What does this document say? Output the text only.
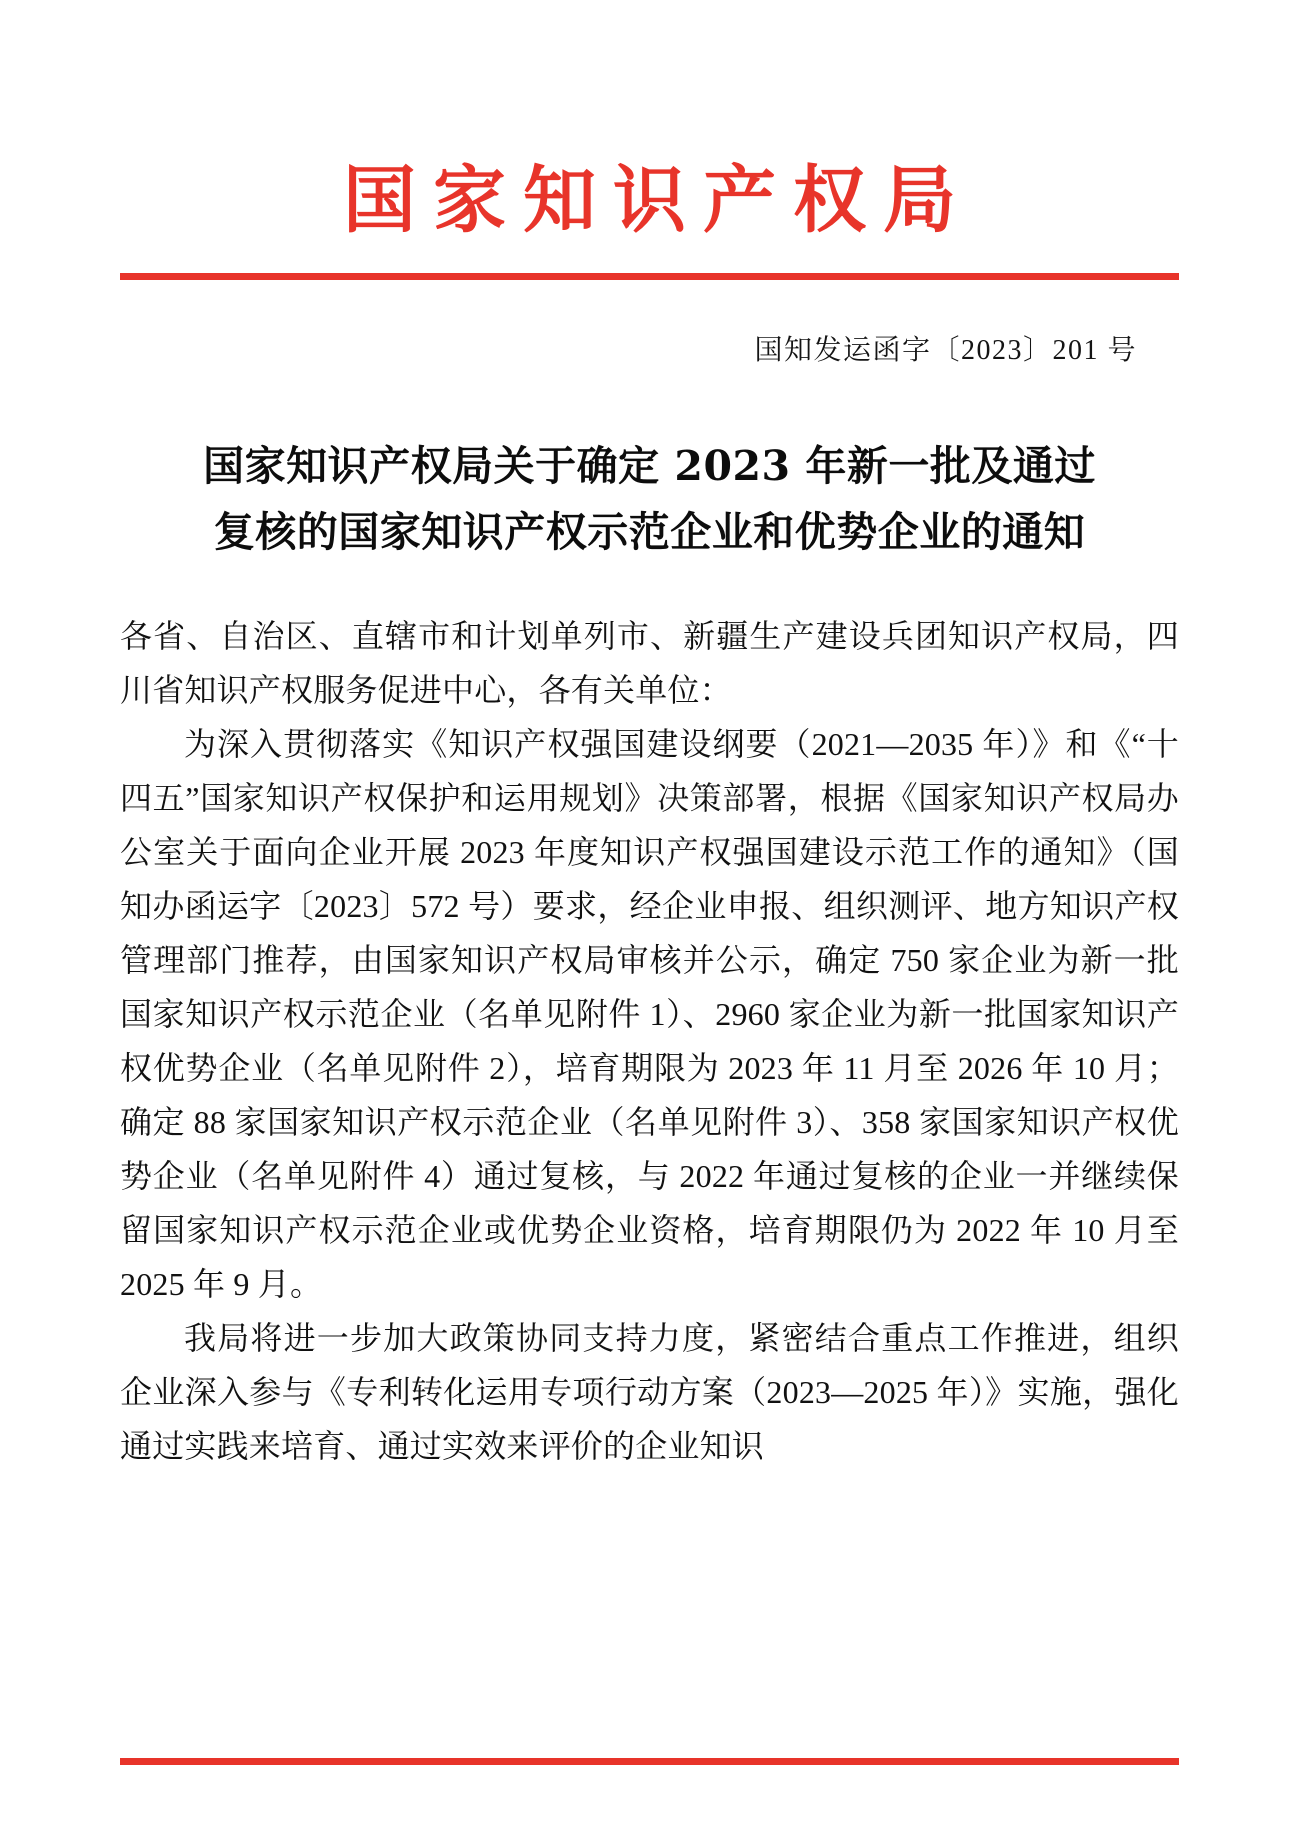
国家知识产权局
国知发运函字〔2023〕201 号
国家知识产权局关于确定 2023 年新一批及通过
复核的国家知识产权示范企业和优势企业的通知

各省、自治区、直辖市和计划单列市、新疆生产建设兵团知识产权局，四川省知识产权服务促进中心，各有关单位：

为深入贯彻落实《知识产权强国建设纲要（2021—2035 年）》和《“十四五”国家知识产权保护和运用规划》决策部署，根据《国家知识产权局办公室关于面向企业开展 2023 年度知识产权强国建设示范工作的通知》（国知办函运字〔2023〕572 号）要求，经企业申报、组织测评、地方知识产权管理部门推荐，由国家知识产权局审核并公示，确定 750 家企业为新一批国家知识产权示范企业（名单见附件 1）、2960 家企业为新一批国家知识产权优势企业（名单见附件 2），培育期限为 2023 年 11 月至 2026 年 10 月；确定 88 家国家知识产权示范企业（名单见附件 3）、358 家国家知识产权优势企业（名单见附件 4）通过复核，与 2022 年通过复核的企业一并继续保留国家知识产权示范企业或优势企业资格，培育期限仍为 2022 年 10 月至 2025 年 9 月。

我局将进一步加大政策协同支持力度，紧密结合重点工作推进，组织企业深入参与《专利转化运用专项行动方案（2023—2025 年）》实施，强化通过实践来培育、通过实效来评价的企业知识
